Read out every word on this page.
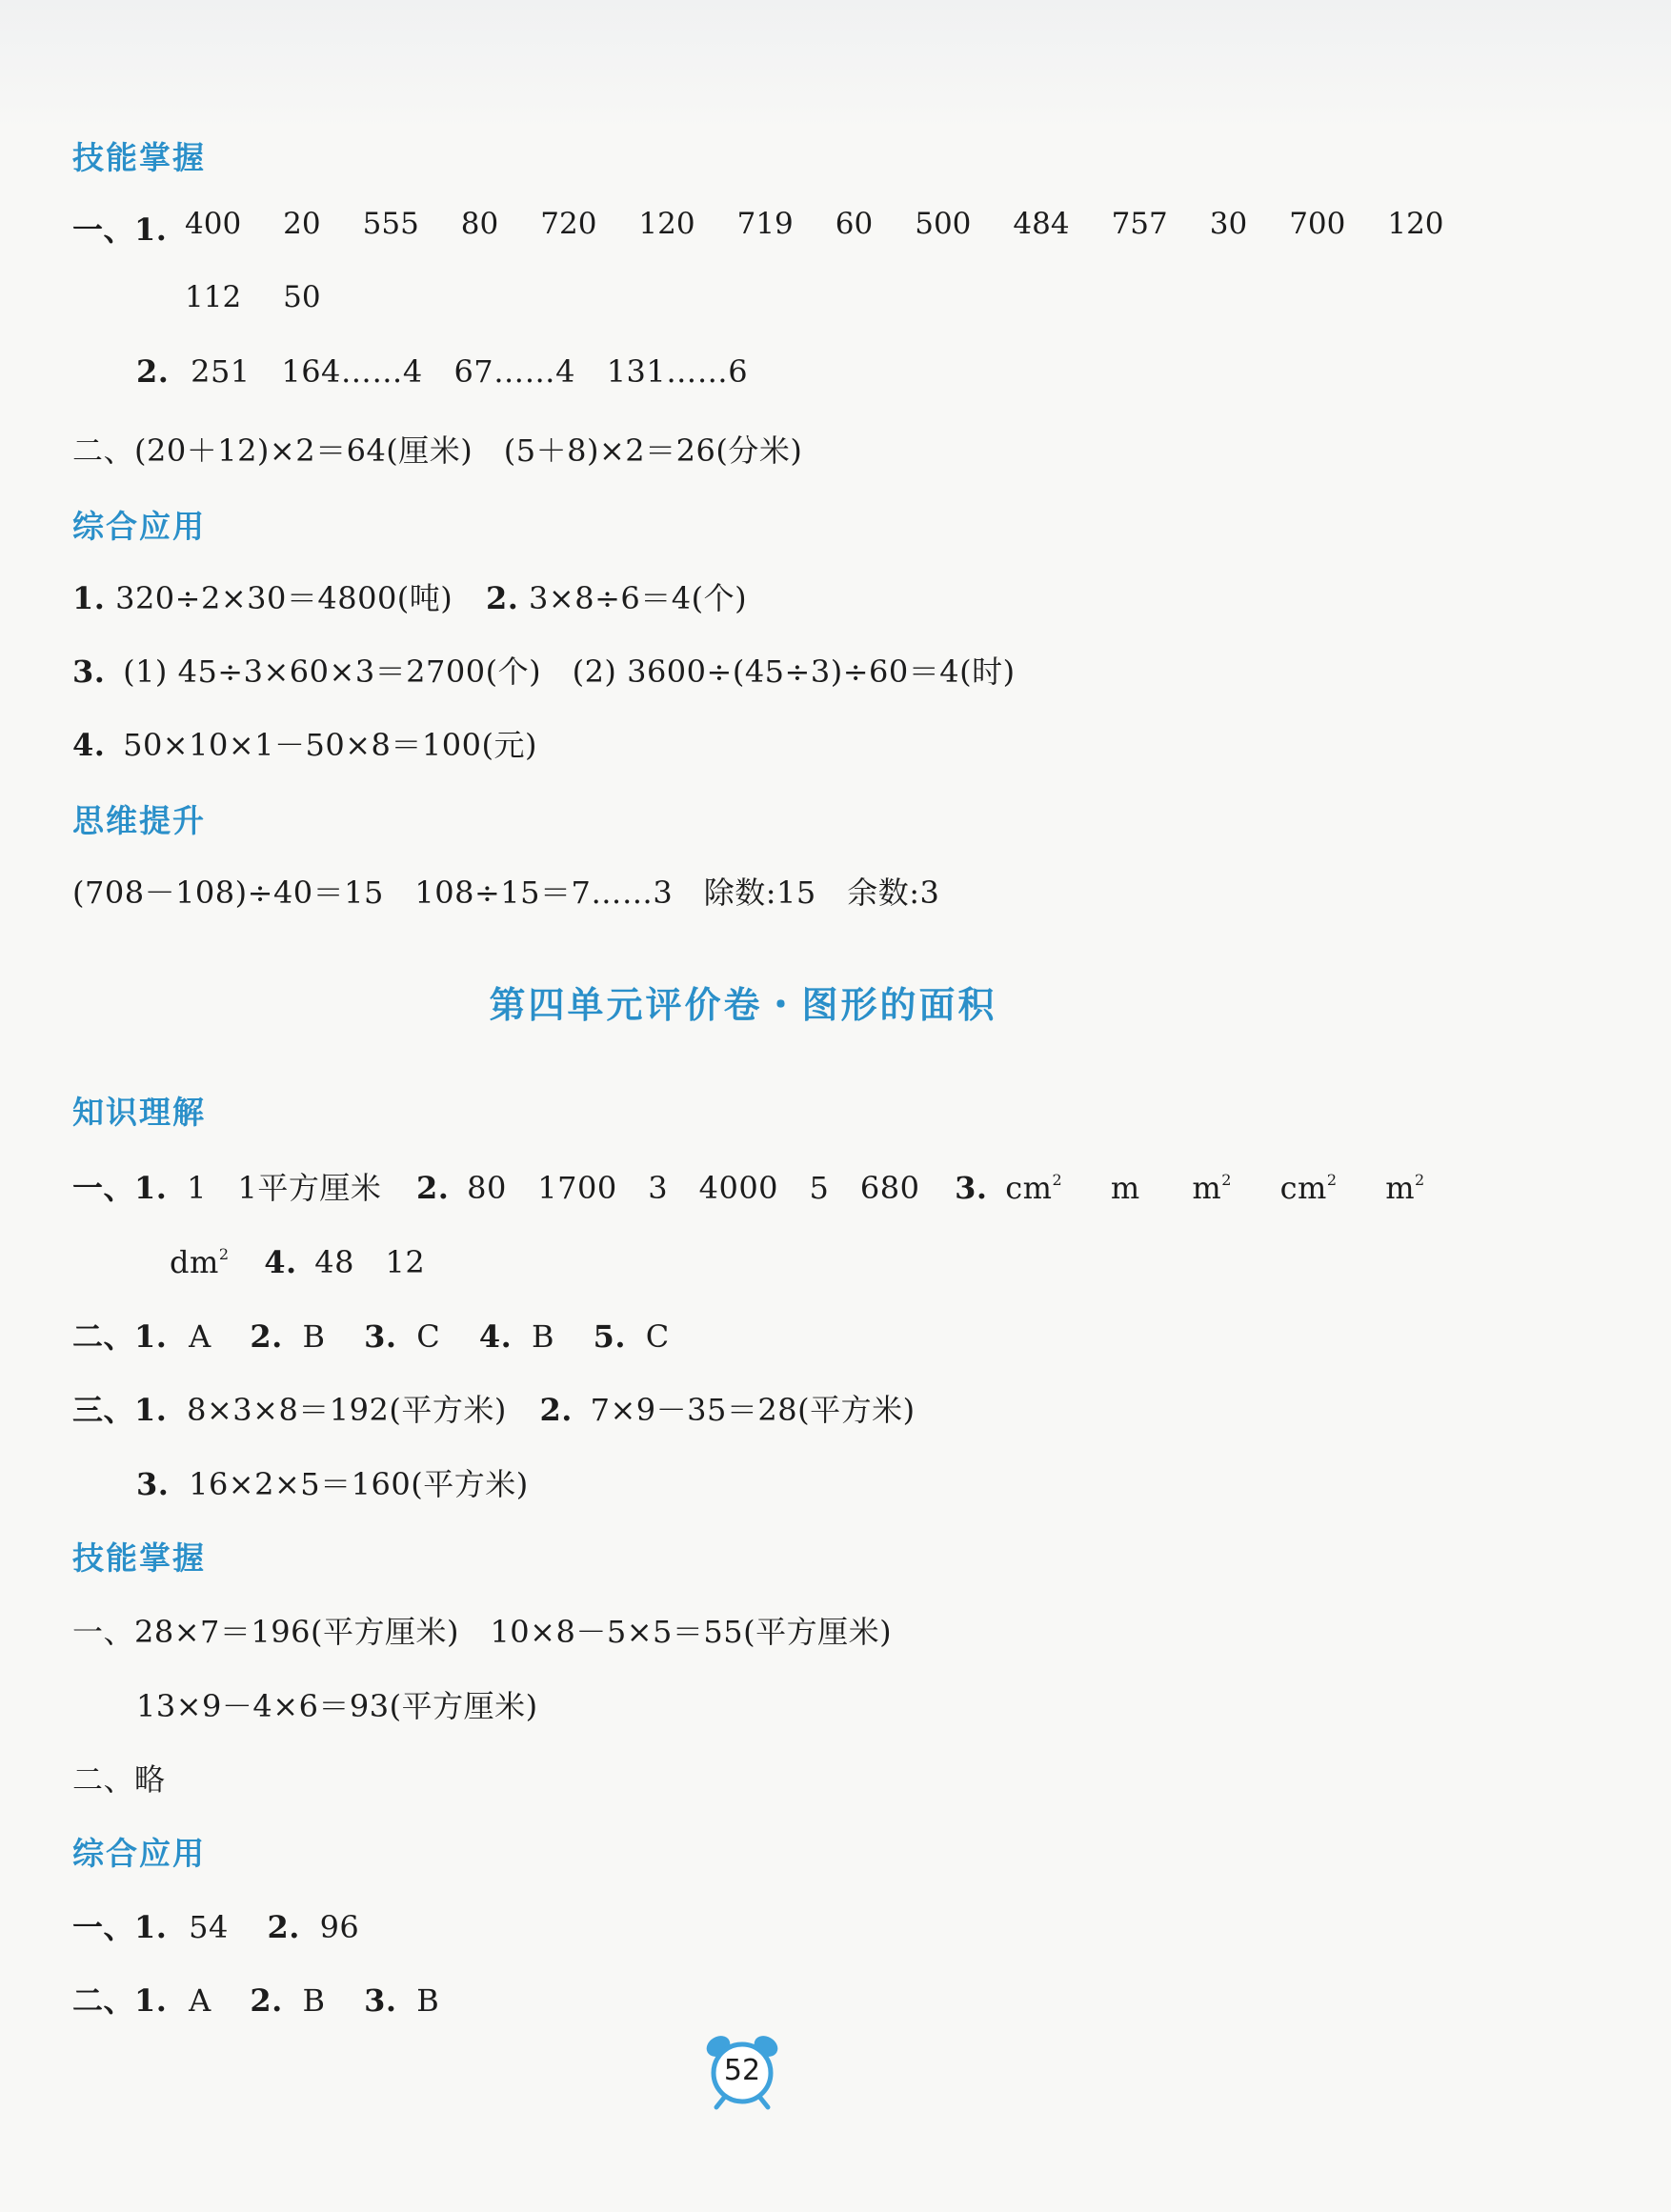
技能掌握
一、1. 400 20 555 80 720 120 719 60 500 484 757 30 700 120
112 50
2. 251 164……4 67……4 131……6
二、(20＋12)×2＝64(厘米)　(5＋8)×2＝26(分米)
综合应用
1. 320÷2×30＝4800(吨) 2. 3×8÷6＝4(个)
3. (1) 45÷3×60×3＝2700(个)　(2) 3600÷(45÷3)÷60＝4(时)
4. 50×10×1－50×8＝100(元)
思维提升
(708－108)÷40＝15　108÷15＝7……3　除数:15　余数:3
第四单元评价卷・图形的面积
知识理解
一、1. 1　1平方厘米 2. 80　1700　3　4000　5　680 3. $cm^2$ m $m^2$ $cm^2$ $m^2$
$dm^2$ 4. 48　12
二、1. A 2. B 3. C 4. B 5. C
三、1. 8×3×8＝192(平方米) 2. 7×9－35＝28(平方米)
3. 16×2×5＝160(平方米)
技能掌握
一、28×7＝196(平方厘米)　10×8－5×5＝55(平方厘米)
13×9－4×6＝93(平方厘米)
二、略
综合应用
一、1. 54 2. 96
二、1. A 2. B 3. B
52
